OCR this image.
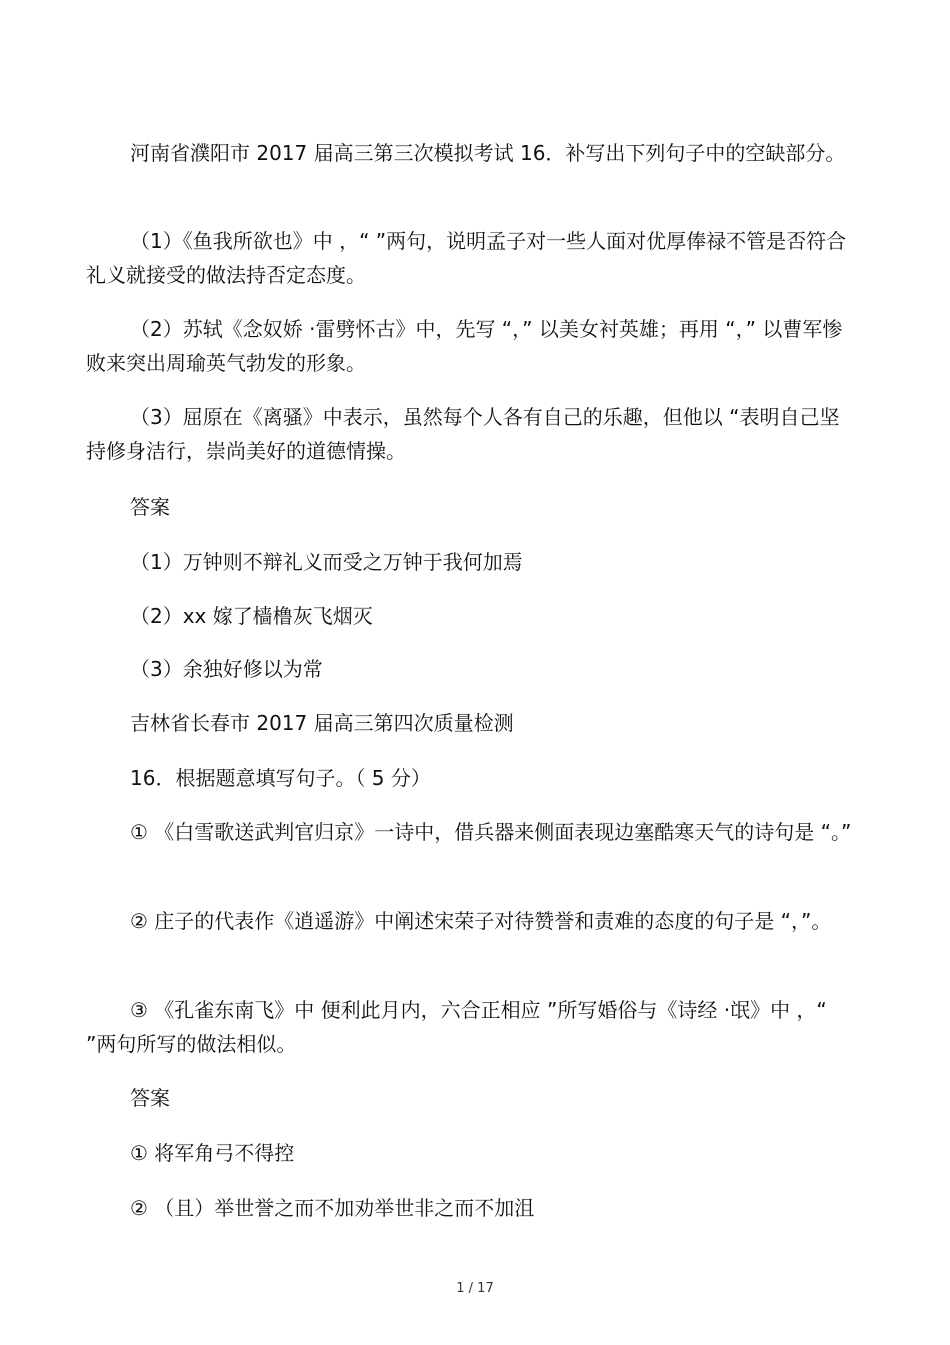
河南省濮阳市 2017 届高三第三次模拟考试 16．补写出下列句子中的空缺部分。

（1）《鱼我所欲也》中 ，“ ”两句，说明孟子对一些人面对优厚俸禄不管是否符合礼义就接受的做法持否定态度。

（2）苏轼《念奴娇 ·雷劈怀古》中，先写 “，” 以美女衬英雄；再用 “，” 以曹军惨败来突出周瑜英气勃发的形象。

（3）屈原在《离骚》中表示，虽然每个人各有自己的乐趣，但他以 “表明自己坚持修身洁行，崇尚美好的道德情操。

答案

（1）万钟则不辩礼义而受之万钟于我何加焉

（2）xx 嫁了樯橹灰飞烟灭

（3）余独好修以为常

吉林省长春市 2017 届高三第四次质量检测

16．根据题意填写句子。（ 5 分）

① 《白雪歌送武判官归京》一诗中，借兵器来侧面表现边塞酷寒天气的诗句是 “。”

② 庄子的代表作《逍遥游》中阐述宋荣子对待赞誉和责难的态度的句子是 “，”。

③ 《孔雀东南飞》中 便利此月内，六合正相应 ”所写婚俗与《诗经 ·氓》中 ，“ ”两句所写的做法相似。

答案

① 将军角弓不得控

② （且）举世誉之而不加劝举世非之而不加沮

1 / 17
